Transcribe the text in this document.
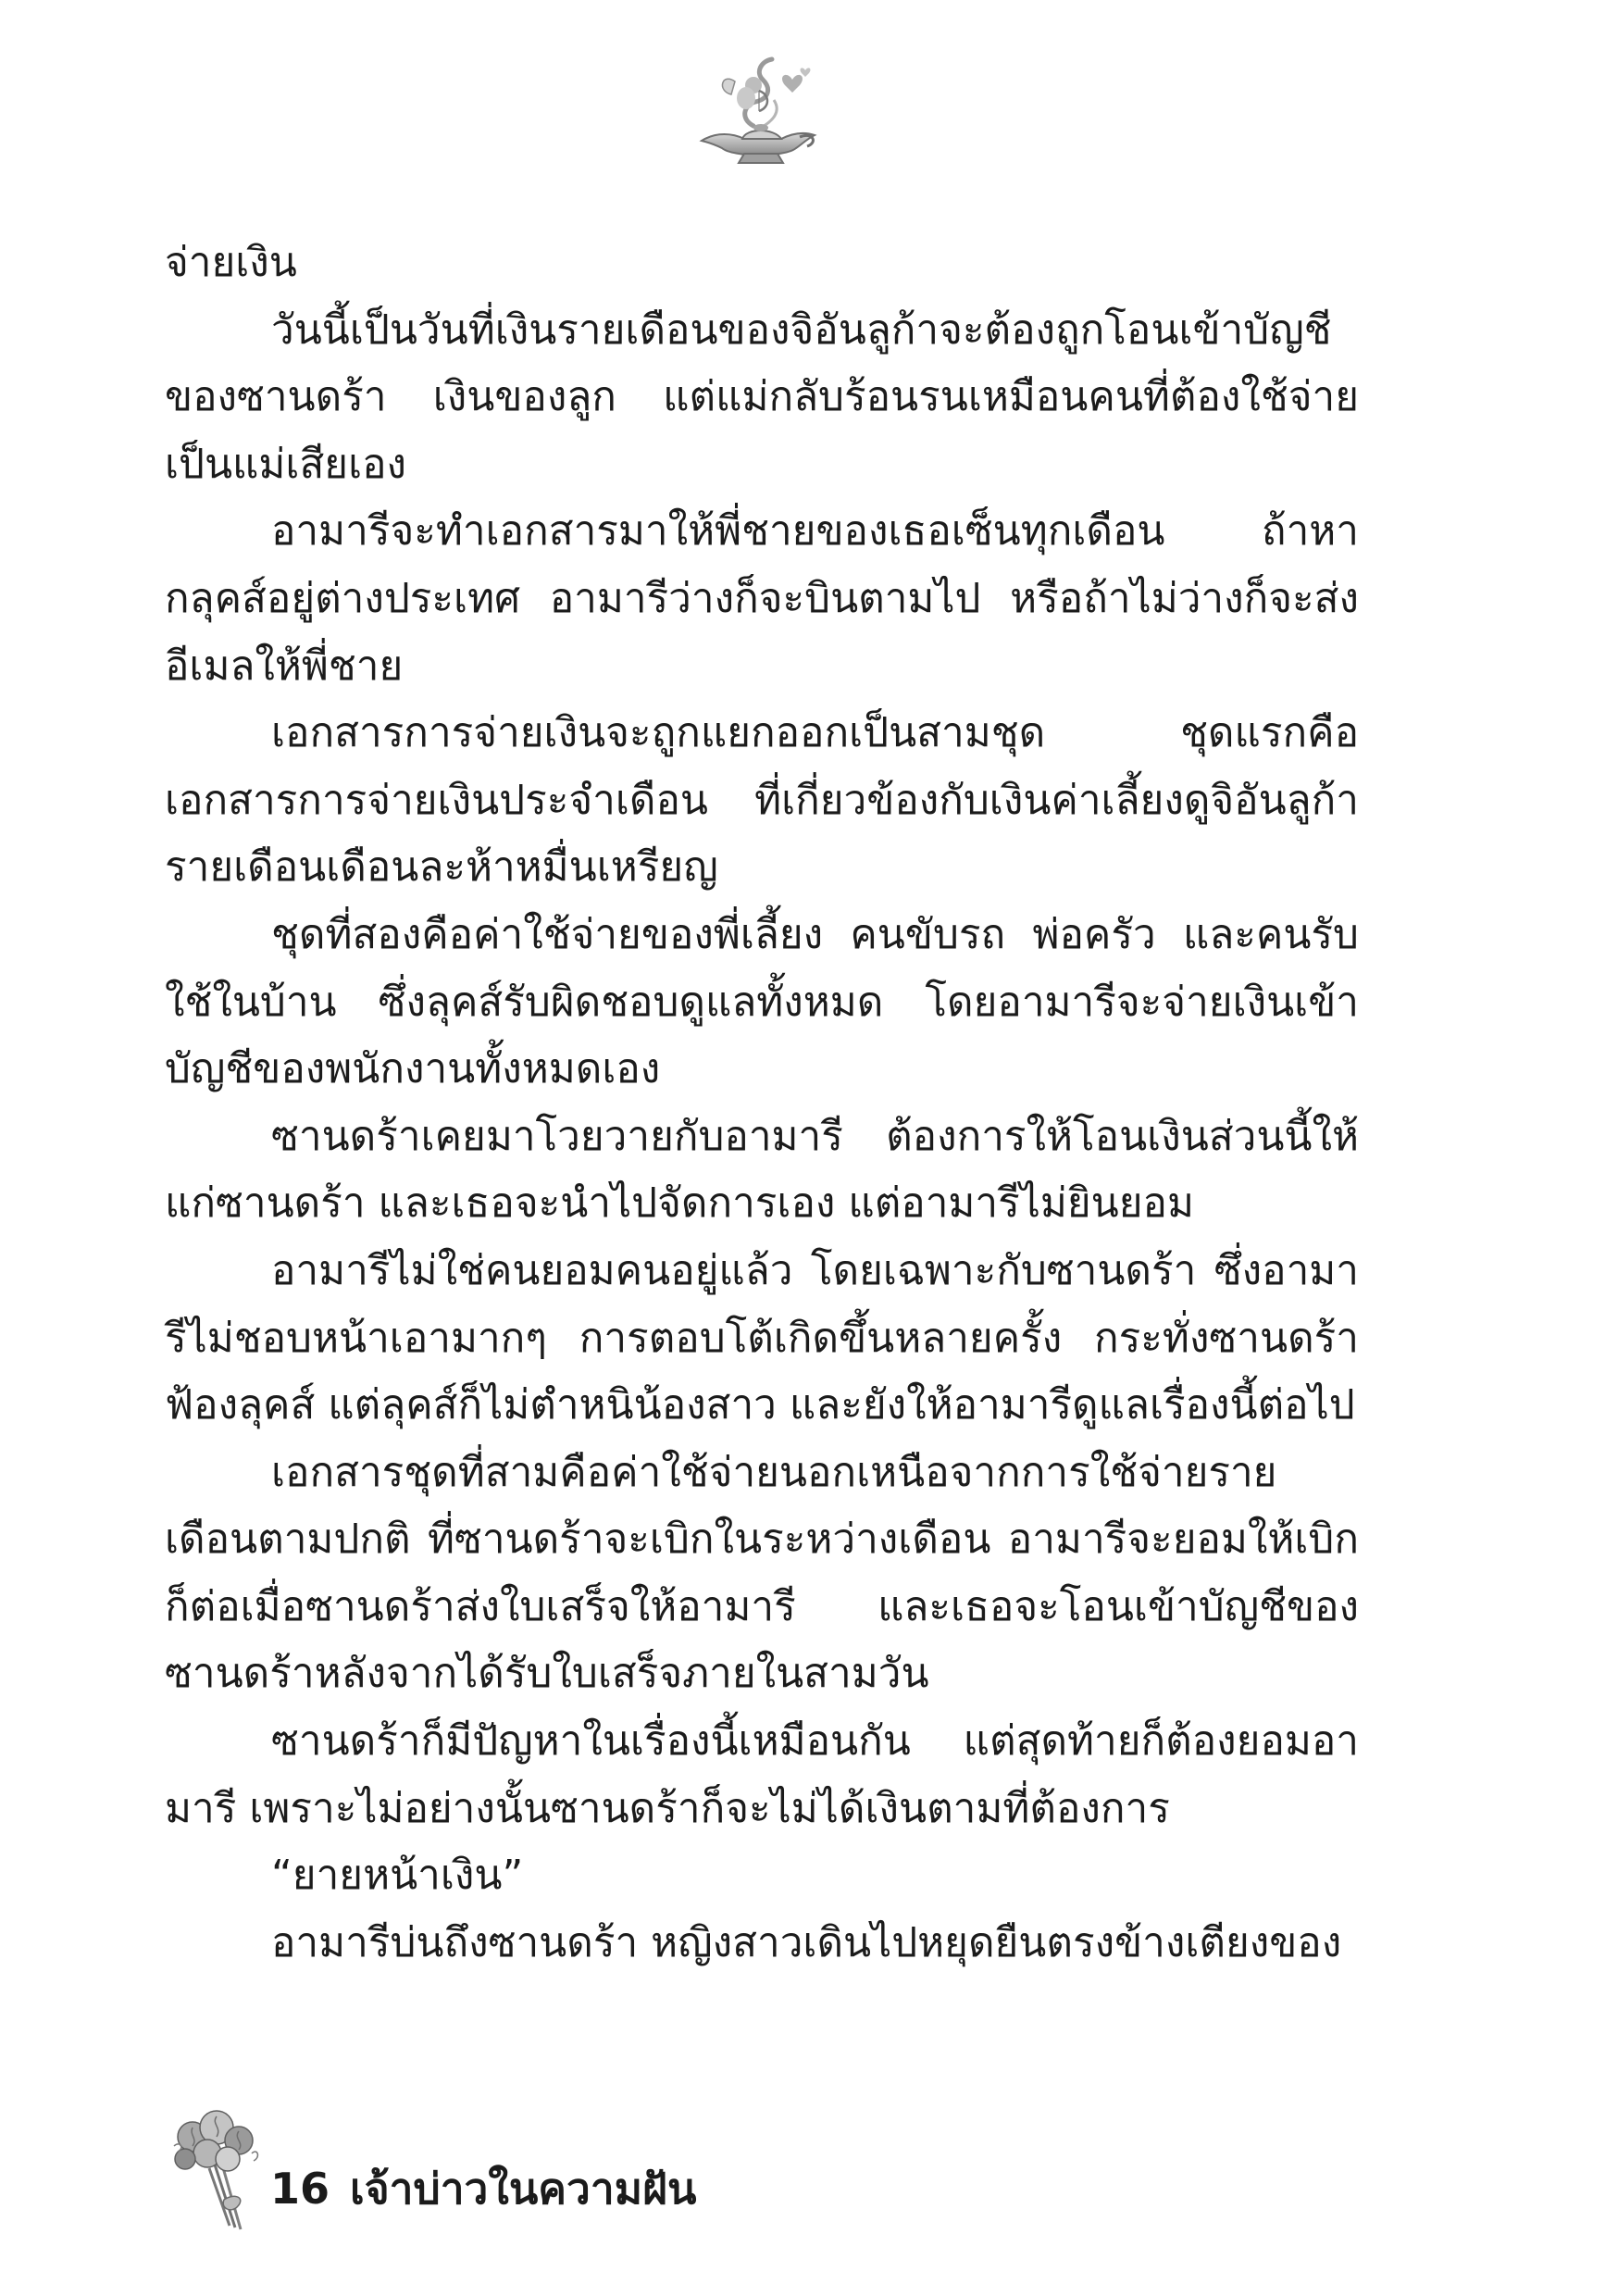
จ่ายเงิน

วันนี้เป็นวันที่เงินรายเดือนของจิอันลูก้าจะต้องถูกโอนเข้าบัญชีของซานดร้า เงินของลูก แต่แม่กลับร้อนรนเหมือนคนที่ต้องใช้จ่ายเป็นแม่เสียเอง

อามารีจะทำเอกสารมาให้พี่ชายของเธอเซ็นทุกเดือน ถ้าหากลุคส์อยู่ต่างประเทศ อามารีว่างก็จะบินตามไป หรือถ้าไม่ว่างก็จะส่งอีเมลให้พี่ชาย

เอกสารการจ่ายเงินจะถูกแยกออกเป็นสามชุด ชุดแรกคือเอกสารการจ่ายเงินประจำเดือน ที่เกี่ยวข้องกับเงินค่าเลี้ยงดูจิอันลูก้ารายเดือนเดือนละห้าหมื่นเหรียญ

ชุดที่สองคือค่าใช้จ่ายของพี่เลี้ยง คนขับรถ พ่อครัว และคนรับใช้ในบ้าน ซึ่งลุคส์รับผิดชอบดูแลทั้งหมด โดยอามารีจะจ่ายเงินเข้าบัญชีของพนักงานทั้งหมดเอง

ซานดร้าเคยมาโวยวายกับอามารี ต้องการให้โอนเงินส่วนนี้ให้แก่ซานดร้า และเธอจะนำไปจัดการเอง แต่อามารีไม่ยินยอม

อามารีไม่ใช่คนยอมคนอยู่แล้ว โดยเฉพาะกับซานดร้า ซึ่งอามารีไม่ชอบหน้าเอามากๆ การตอบโต้เกิดขึ้นหลายครั้ง กระทั่งซานดร้าฟ้องลุคส์ แต่ลุคส์ก็ไม่ตำหนิน้องสาว และยังให้อามารีดูแลเรื่องนี้ต่อไป

เอกสารชุดที่สามคือค่าใช้จ่ายนอกเหนือจากการใช้จ่ายรายเดือนตามปกติ ที่ซานดร้าจะเบิกในระหว่างเดือน อามารีจะยอมให้เบิกก็ต่อเมื่อซานดร้าส่งใบเสร็จให้อามารี และเธอจะโอนเข้าบัญชีของซานดร้าหลังจากได้รับใบเสร็จภายในสามวัน

ซานดร้าก็มีปัญหาในเรื่องนี้เหมือนกัน แต่สุดท้ายก็ต้องยอมอามารี เพราะไม่อย่างนั้นซานดร้าก็จะไม่ได้เงินตามที่ต้องการ

“ยายหน้าเงิน”

อามารีบ่นถึงซานดร้า หญิงสาวเดินไปหยุดยืนตรงข้างเตียงของ

16 เจ้าบ่าวในความฝัน
